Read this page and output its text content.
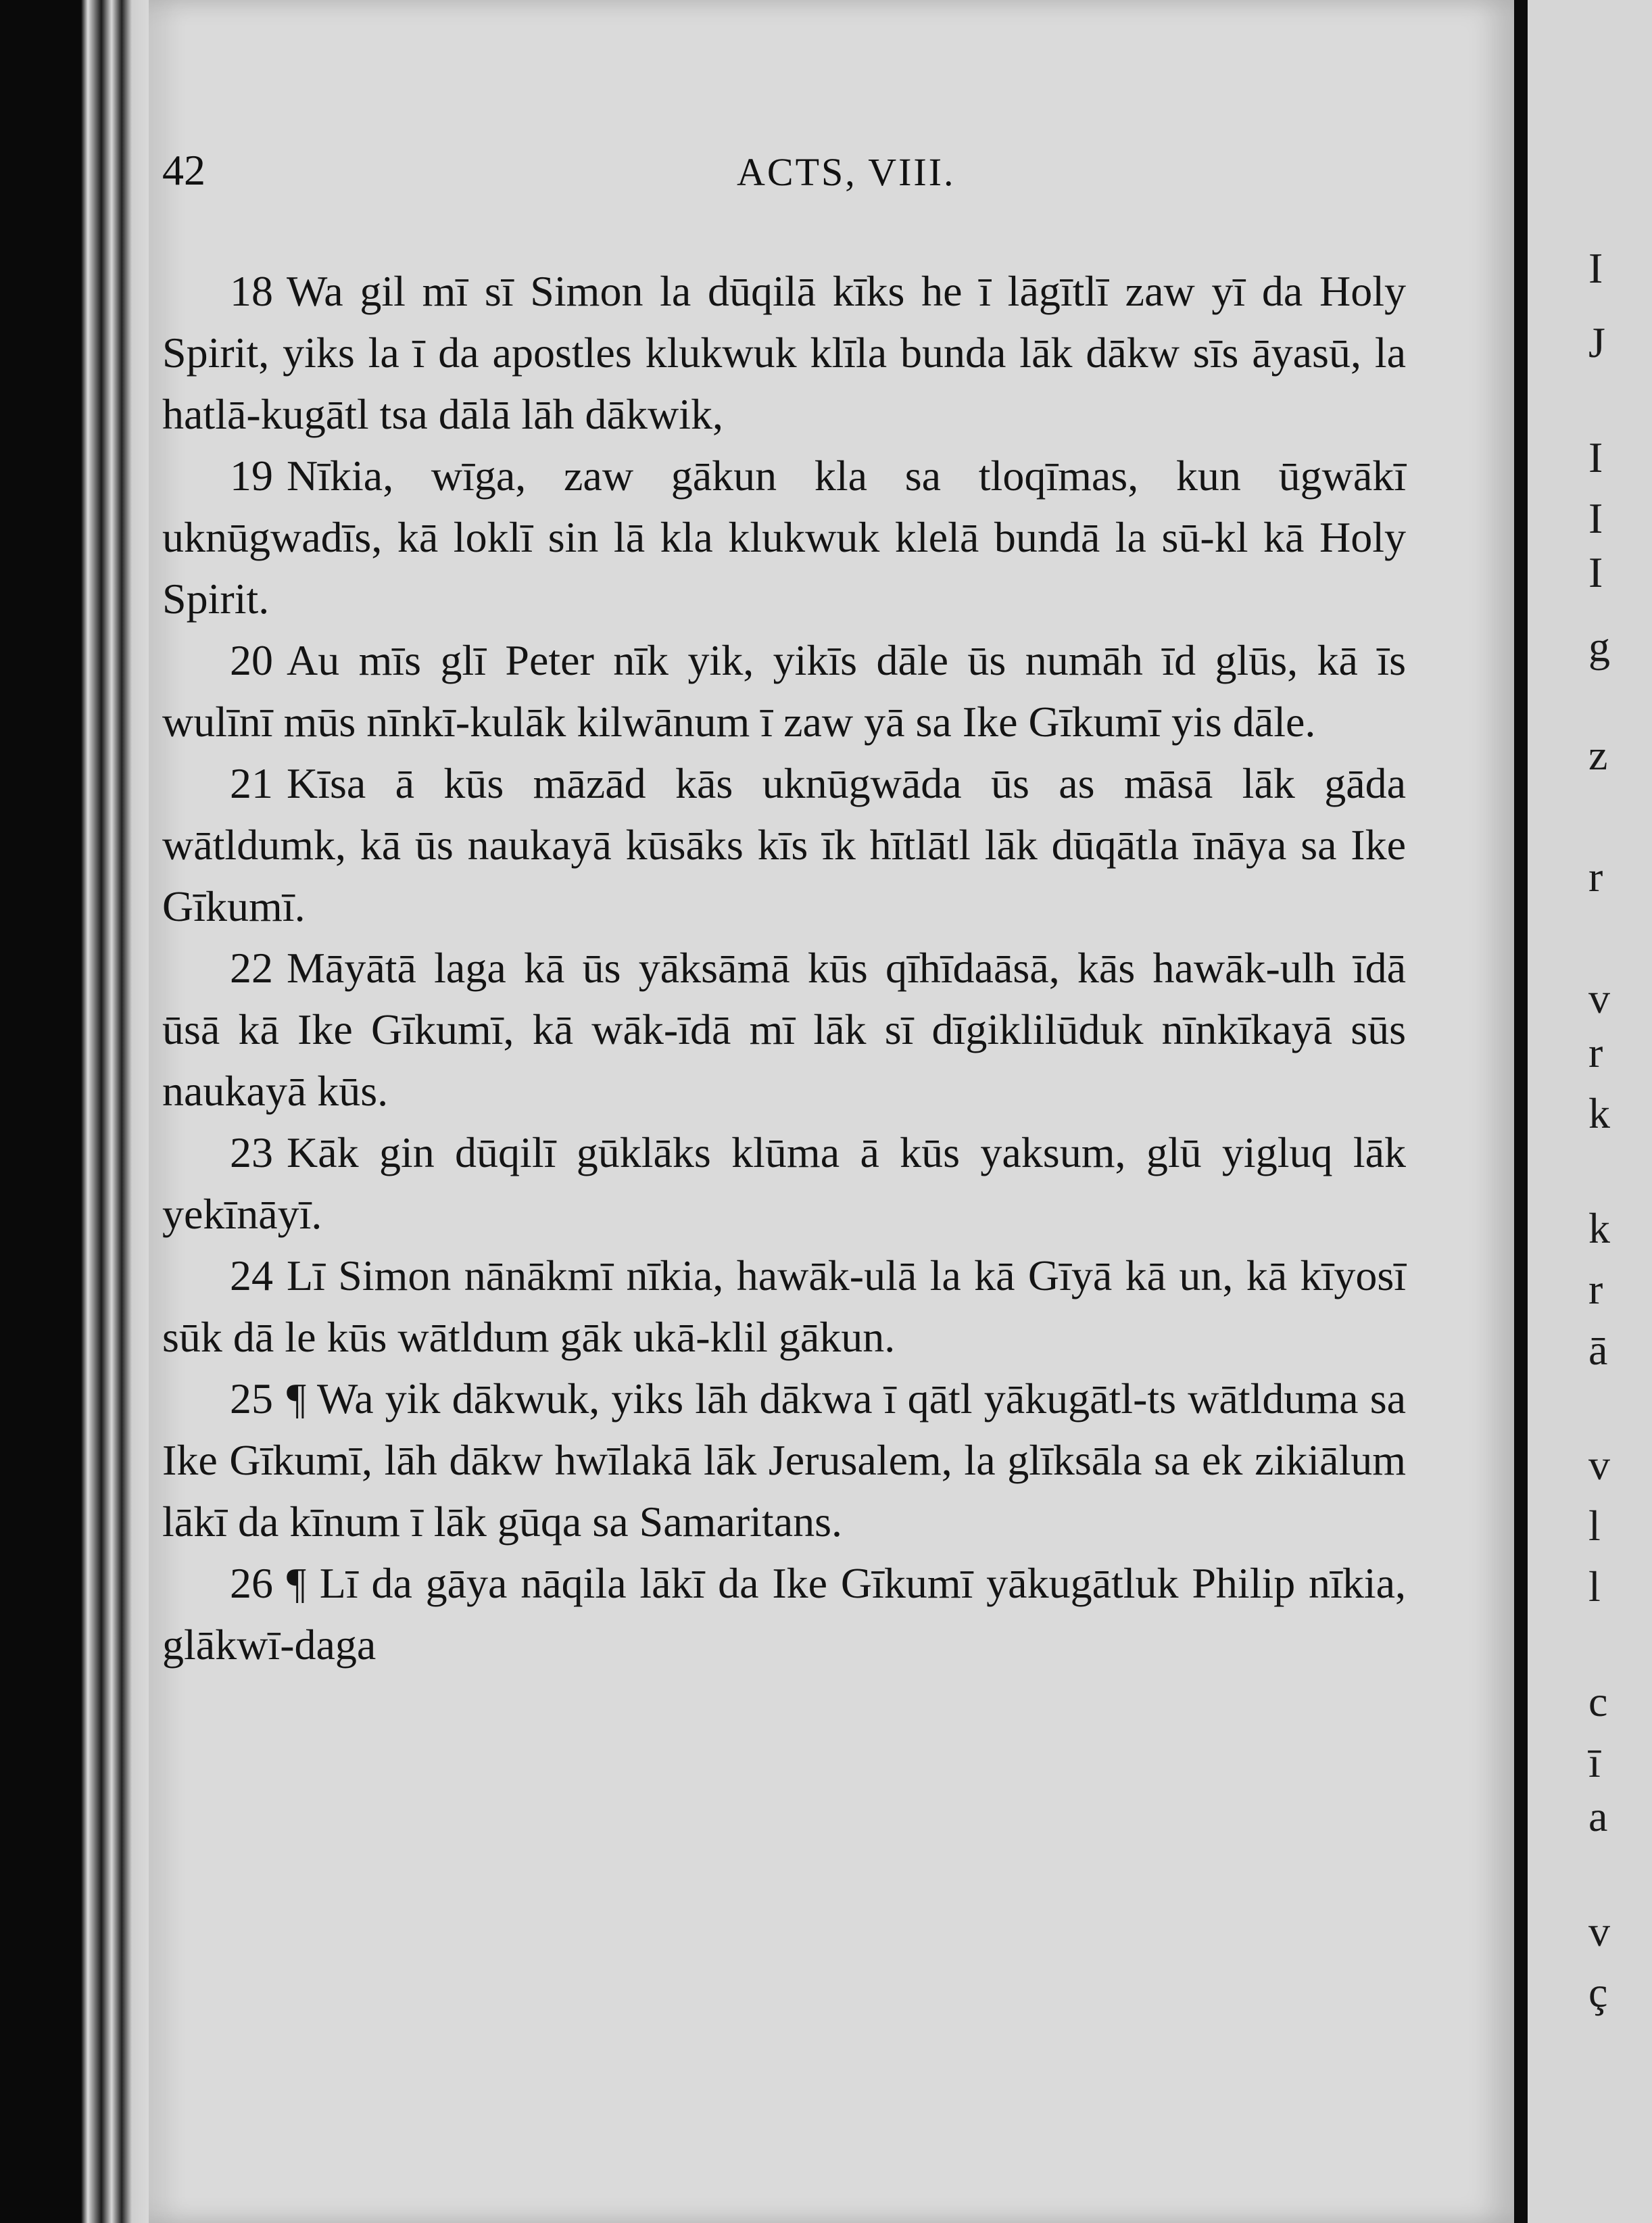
42	ACTS, VIII.

18 Wa gil mī sī Simon la dūqilā kīks he ī lāgītlī zaw yī da Holy Spirit, yiks la ī da apostles klukwuk klīla bunda lāk dākw sīs āyasū, la hatlā-kugātl tsa dālā lāh dākwik,

19 Nīkia, wīga, zaw gākun kla sa tloqīmas, kun ūgwākī uknūgwadīs, kā loklī sin lā kla klukwuk klelā bundā la sū-kl kā Holy Spirit.

20 Au mīs glī Peter nīk yik, yikīs dāle ūs numāh īd glūs, kā īs wulīnī mūs nīnkī-kulāk kilwānum ī zaw yā sa Ike Gīkumī yis dāle.

21 Kīsa ā kūs māzād kās uknūgwāda ūs as māsā lāk gāda wātldumk, kā ūs naukayā kūsāks kīs īk hītlātl lāk dūqātla īnāya sa Ike Gīkumī.

22 Māyātā laga kā ūs yāksāmā kūs qīhīdaāsā, kās hawāk-ulh īdā ūsā kā Ike Gīkumī, kā wāk-īdā mī lāk sī dīgiklilūduk nīnkīkayā sūs naukayā kūs.

23 Kāk gin dūqilī gūklāks klūma ā kūs yaksum, glū yigluq lāk yekīnāyī.

24 Lī Simon nānākmī nīkia, hawāk-ulā la kā Gīyā kā un, kā kīyosī sūk dā le kūs wātldum gāk ukā-klil gākun.

25 ¶ Wa yik dākwuk, yiks lāh dākwa ī qātl yākugātl-ts wātlduma sa Ike Gīkumī, lāh dākw hwīlakā lāk Jerusalem, la glīksāla sa ek zikiālum lākī da kīnum ī lāk gūqa sa Samaritans.

26 ¶ Lī da gāya nāqila lākī da Ike Gīkumī yākugātluk Philip nīkia, glākwī-daga

I
J
I
I
I
g
z
r
v
r
k
k
r
ā
v
l
l
c
ī
a
v
ç
